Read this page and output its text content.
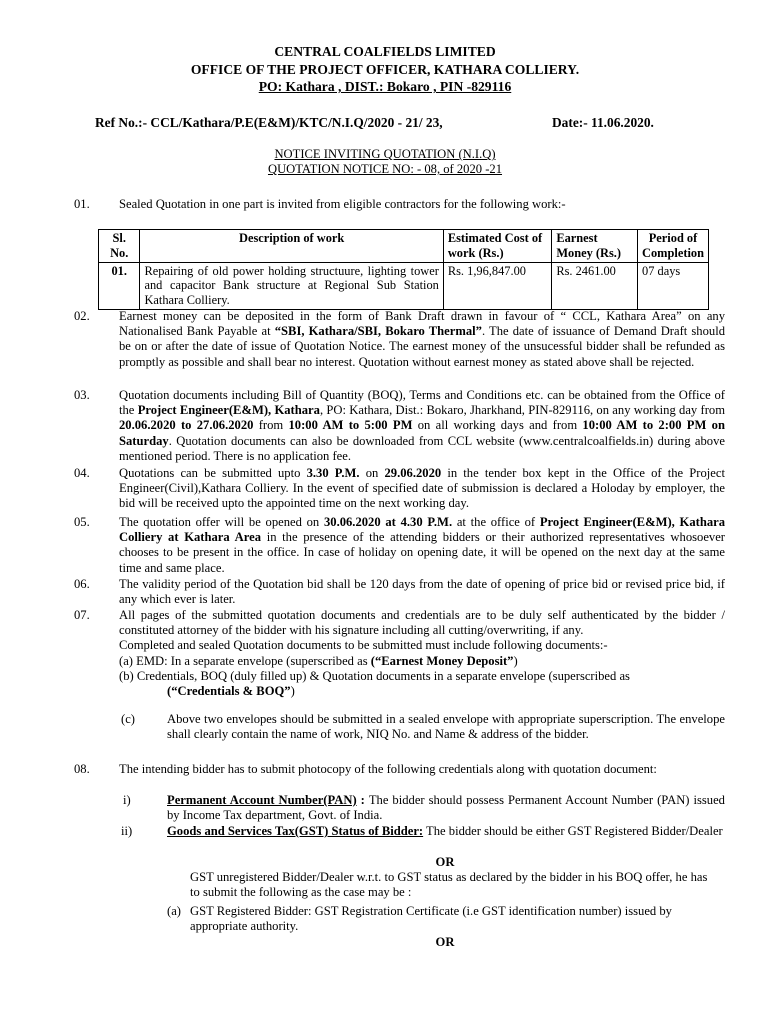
CENTRAL COALFIELDS LIMITED
OFFICE OF THE PROJECT OFFICER, KATHARA COLLIERY.
PO: Kathara , DIST.: Bokaro , PIN -829116
Ref No.:- CCL/Kathara/P.E(E&M)/KTC/N.I.Q/2020 - 21/ 23,	Date:- 11.06.2020.
NOTICE INVITING QUOTATION (N.I.Q)
QUOTATION NOTICE NO: - 08, of 2020 -21
01. Sealed Quotation in one part is invited from eligible contractors for the following work:-
Sl. No.	Description of work	Estimated Cost of work (Rs.)	Earnest Money (Rs.)	Period of Completion
01.	Repairing of old power holding structuure, lighting tower and capacitor Bank structure at Regional Sub Station Kathara Colliery.	Rs. 1,96,847.00	Rs. 2461.00	07 days
02. Earnest money can be deposited in the form of Bank Draft drawn in favour of “ CCL, Kathara Area” on any Nationalised Bank Payable at “SBI, Kathara/SBI, Bokaro Thermal”. The date of issuance of Demand Draft should be on or after the date of issue of Quotation Notice. The earnest money of the unsucessful bidder shall be refunded as promptly as possible and shall bear no interest. Quotation without earnest money as stated above shall be rejected.
03. Quotation documents including Bill of Quantity (BOQ), Terms and Conditions etc. can be obtained from the Office of the Project Engineer(E&M), Kathara, PO: Kathara, Dist.: Bokaro, Jharkhand, PIN-829116, on any working day from 20.06.2020 to 27.06.2020 from 10:00 AM to 5:00 PM on all working days and from 10:00 AM to 2:00 PM on Saturday. Quotation documents can also be downloaded from CCL website (www.centralcoalfields.in) during above mentioned period. There is no application fee.
04. Quotations can be submitted upto 3.30 P.M. on 29.06.2020 in the tender box kept in the Office of the Project Engineer(Civil),Kathara Colliery. In the event of specified date of submission is declared a Holoday by employer, the bid will be received upto the appointed time on the next working day.
05. The quotation offer will be opened on 30.06.2020 at 4.30 P.M. at the office of Project Engineer(E&M), Kathara Colliery at Kathara Area in the presence of the attending bidders or their authorized representatives whosoever chooses to be present in the office. In case of holiday on opening date, it will be opened on the next day at the same time and same place.
06. The validity period of the Quotation bid shall be 120 days from the date of opening of price bid or revised price bid, if any which ever is later.
07. All pages of the submitted quotation documents and credentials are to be duly self authenticated by the bidder / constituted attorney of the bidder with his signature including all cutting/overwriting, if any.

Completed and sealed Quotation documents to be submitted must include following documents:-

(a) EMD: In a separate envelope (superscribed as (“Earnest Money Deposit”)

(b) Credentials, BOQ (duly filled up) & Quotation documents in a separate envelope (superscribed as

(“Credentials & BOQ”)

(c)	Above two envelopes should be submitted in a sealed envelope with appropriate superscription. The envelope shall clearly contain the name of work, NIQ No. and Name & address of the bidder.
08. The intending bidder has to submit photocopy of the following credentials along with quotation document:
i)	Permanent Account Number(PAN) : The bidder should possess Permanent Account Number (PAN) issued by Income Tax department, Govt. of India.
ii)	Goods and Services Tax(GST) Status of Bidder: The bidder should be either GST Registered Bidder/Dealer
OR
GST unregistered Bidder/Dealer w.r.t. to GST status as declared by the bidder in his BOQ offer, he has to submit the following as the case may be :
(a) GST Registered Bidder: GST Registration Certificate (i.e GST identification number) issued by appropriate authority.
OR
